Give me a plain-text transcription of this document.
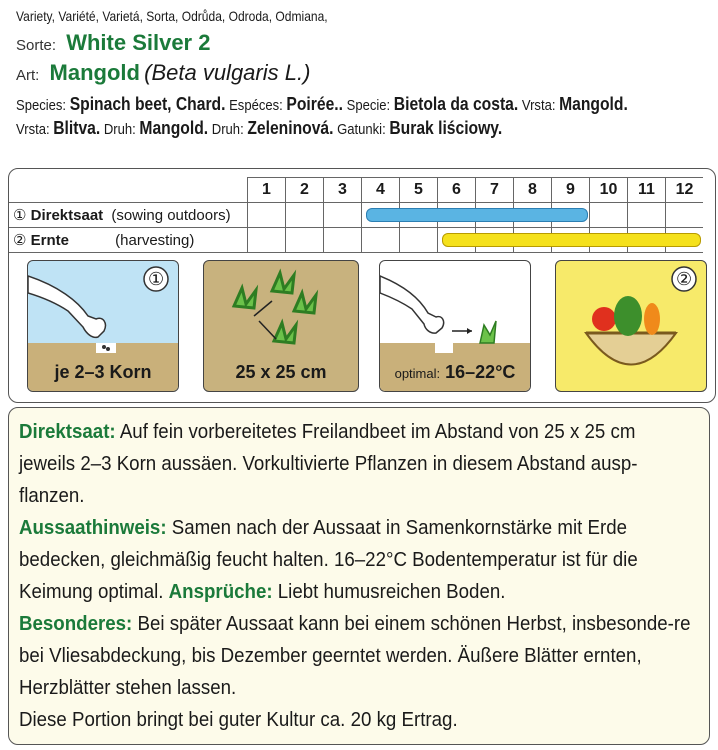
Variety, Variété, Varietá, Sorta, Odrůda, Odroda, Odmiana,
Sorte: White Silver 2
Art: Mangold (Beta vulgaris L.)
Species: Spinach beet, Chard. Espéces: Poirée.. Specie: Bietola da costa. Vrsta: Mangold.
Vrsta: Blitva. Druh: Mangold. Druh: Zeleninová. Gatunki: Burak liściowy.
	1	2	3	4	5	6	7	8	9	10	11	12
① Direktsaat (sowing outdoors)												
② Ernte (harvesting)												
①
je 2–3 Korn	25 x 25 cm	optimal: 16–22°C
②
Direktsaat: Auf fein vorbereitetes Freilandbeet im Abstand von 25 x 25 cm jeweils 2–3 Korn aussäen. Vorkultivierte Pflanzen in diesem Abstand auspflanzen.
Aussaathinweis: Samen nach der Aussaat in Samenkornstärke mit Erde bedecken, gleichmäßig feucht halten. 16–22°C Bodentemperatur ist für die Keimung optimal. Ansprüche: Liebt humusreichen Boden.
Besonderes: Bei später Aussaat kann bei einem schönen Herbst, insbesonde-re bei Vliesabdeckung, bis Dezember geerntet werden. Äußere Blätter ernten, Herzblätter stehen lassen.
Diese Portion bringt bei guter Kultur ca. 20 kg Ertrag.
